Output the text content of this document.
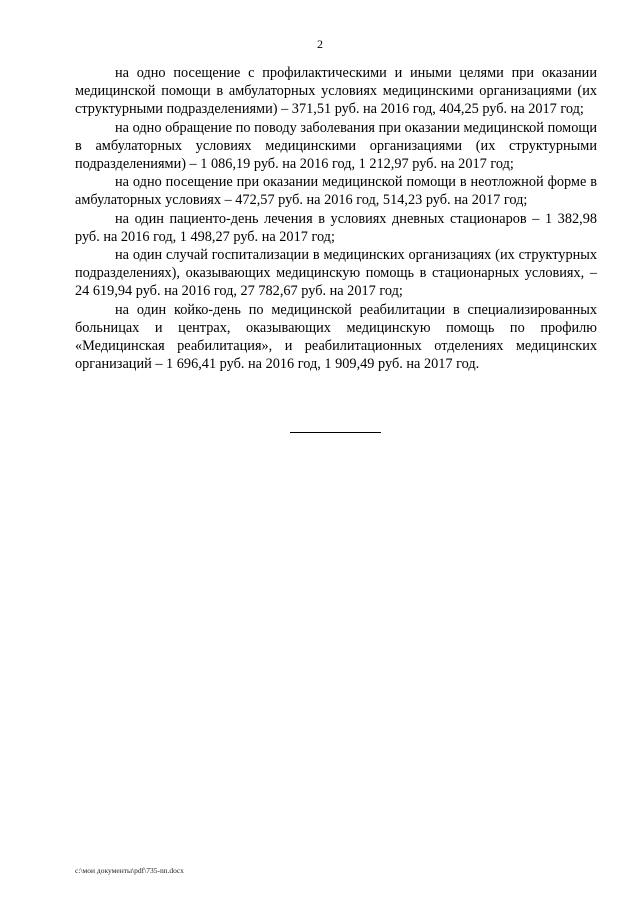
2

на одно посещение с профилактическими и иными целями при оказании медицинской помощи в амбулаторных условиях медицинскими организациями (их структурными подразделениями) – 371,51 руб. на 2016 год, 404,25 руб. на 2017 год;

на одно обращение по поводу заболевания при оказании медицинской помощи в амбулаторных условиях медицинскими организациями (их структурными подразделениями) – 1 086,19 руб. на 2016 год, 1 212,97 руб. на 2017 год;

на одно посещение при оказании медицинской помощи в неотложной форме в амбулаторных условиях – 472,57 руб. на 2016 год, 514,23 руб. на 2017 год;

на один пациенто-день лечения в условиях дневных стационаров – 1 382,98 руб. на 2016 год, 1 498,27 руб. на 2017 год;

на один случай госпитализации в медицинских организациях (их структурных подразделениях), оказывающих медицинскую помощь в стационарных условиях, – 24 619,94 руб. на 2016 год, 27 782,67 руб. на 2017 год;

на один койко-день по медицинской реабилитации в специализированных больницах и центрах, оказывающих медицинскую помощь по профилю «Медицинская реабилитация», и реабилитационных отделениях медицинских организаций – 1 696,41 руб. на 2016 год, 1 909,49 руб. на 2017 год.

c:\мои документы\pdf\735-nn.docx
